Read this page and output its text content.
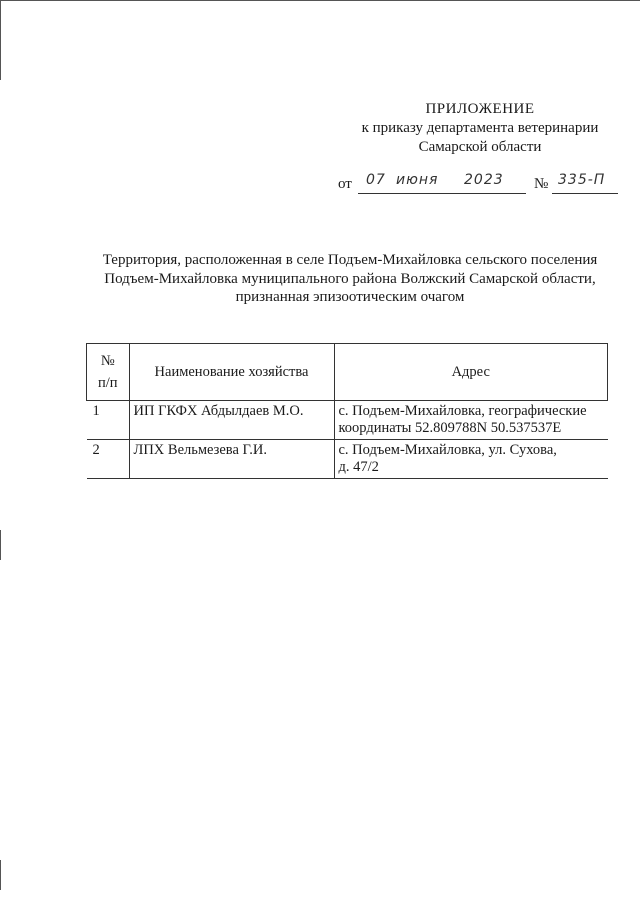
ПРИЛОЖЕНИЕ
к приказу департамента ветеринарии
Самарской области
от 07 июня 2023 № 335-П
Территория, расположенная в селе Подъем-Михайловка сельского поселения
Подъем-Михайловка муниципального района Волжский Самарской области,
признанная эпизоотическим очагом
№
п/п	Наименование хозяйства	Адрес
1	ИП ГКФХ Абдылдаев М.О.	с. Подъем-Михайловка, географические
координаты 52.809788N 50.537537E

2	ЛПХ Вельмезева Г.И.	с. Подъем-Михайловка, ул. Сухова,
д. 47/2
